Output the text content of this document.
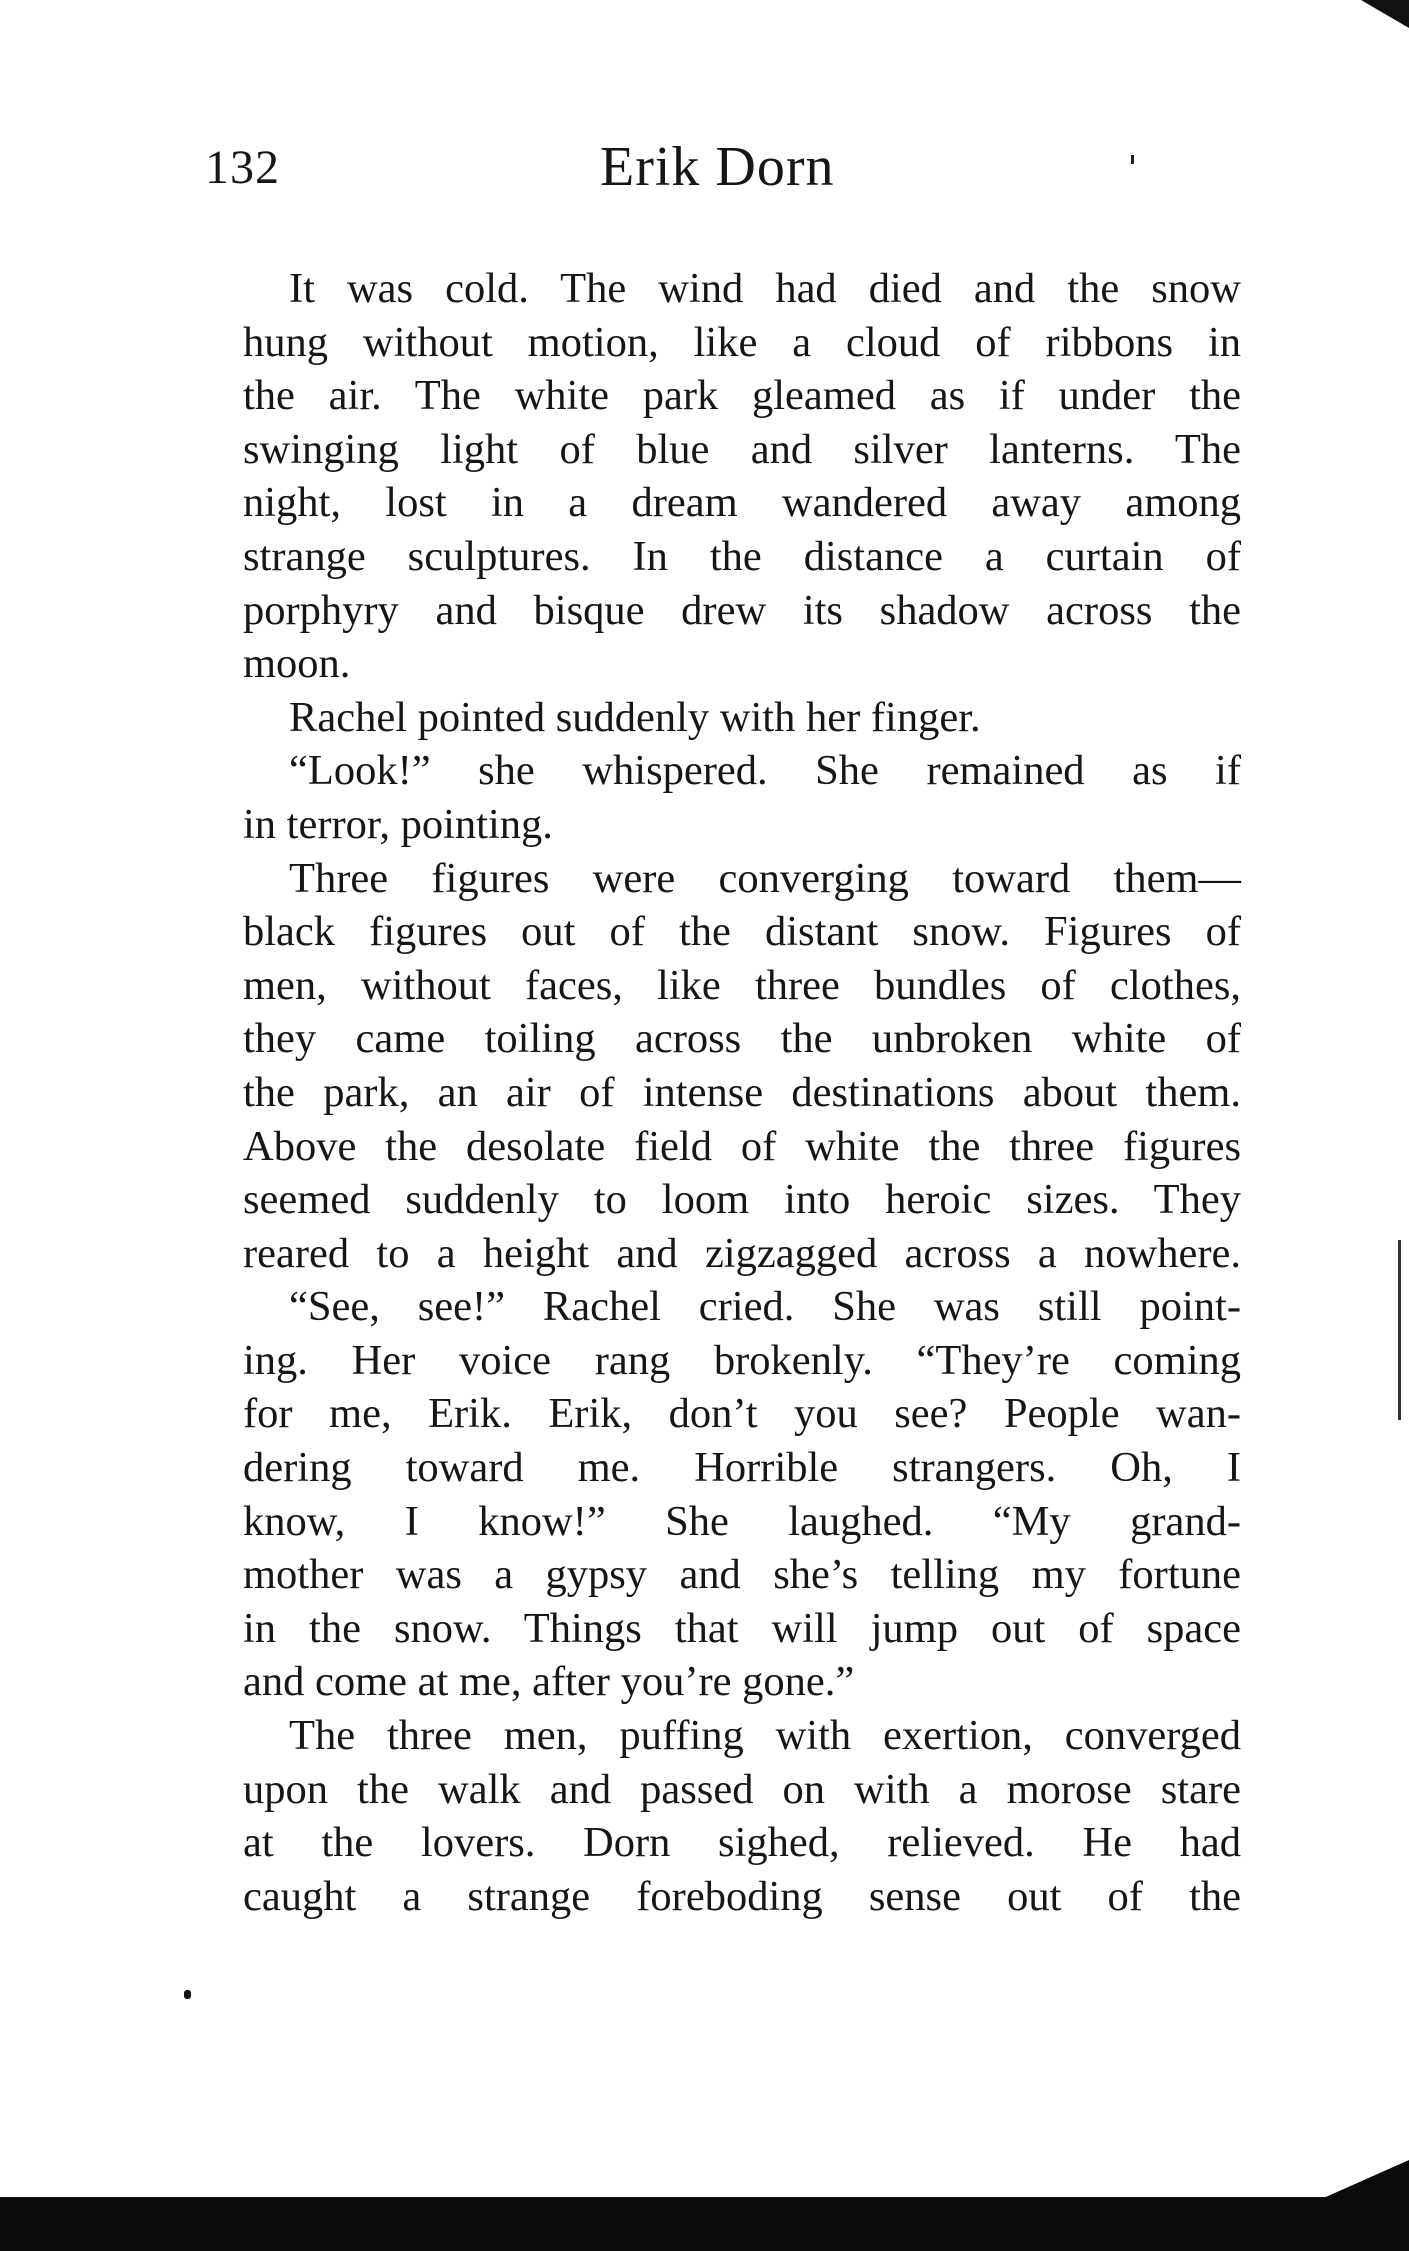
132	Erik Dorn
It was cold. The wind had died and the snow
hung without motion, like a cloud of ribbons in
the air. The white park gleamed as if under the
swinging light of blue and silver lanterns. The
night, lost in a dream wandered away among
strange sculptures. In the distance a curtain of
porphyry and bisque drew its shadow across the
moon.
Rachel pointed suddenly with her finger.
“Look!” she whispered. She remained as if
in terror, pointing.
Three figures were converging toward them—
black figures out of the distant snow. Figures of
men, without faces, like three bundles of clothes,
they came toiling across the unbroken white of
the park, an air of intense destinations about them.
Above the desolate field of white the three figures
seemed suddenly to loom into heroic sizes. They
reared to a height and zigzagged across a nowhere.
“See, see!” Rachel cried. She was still point-
ing. Her voice rang brokenly. “They’re coming
for me, Erik. Erik, don’t you see? People wan-
dering toward me. Horrible strangers. Oh, I
know, I know!” She laughed. “My grand-
mother was a gypsy and she’s telling my fortune
in the snow. Things that will jump out of space
and come at me, after you’re gone.”
The three men, puffing with exertion, converged
upon the walk and passed on with a morose stare
at the lovers. Dorn sighed, relieved. He had
caught a strange foreboding sense out of the
